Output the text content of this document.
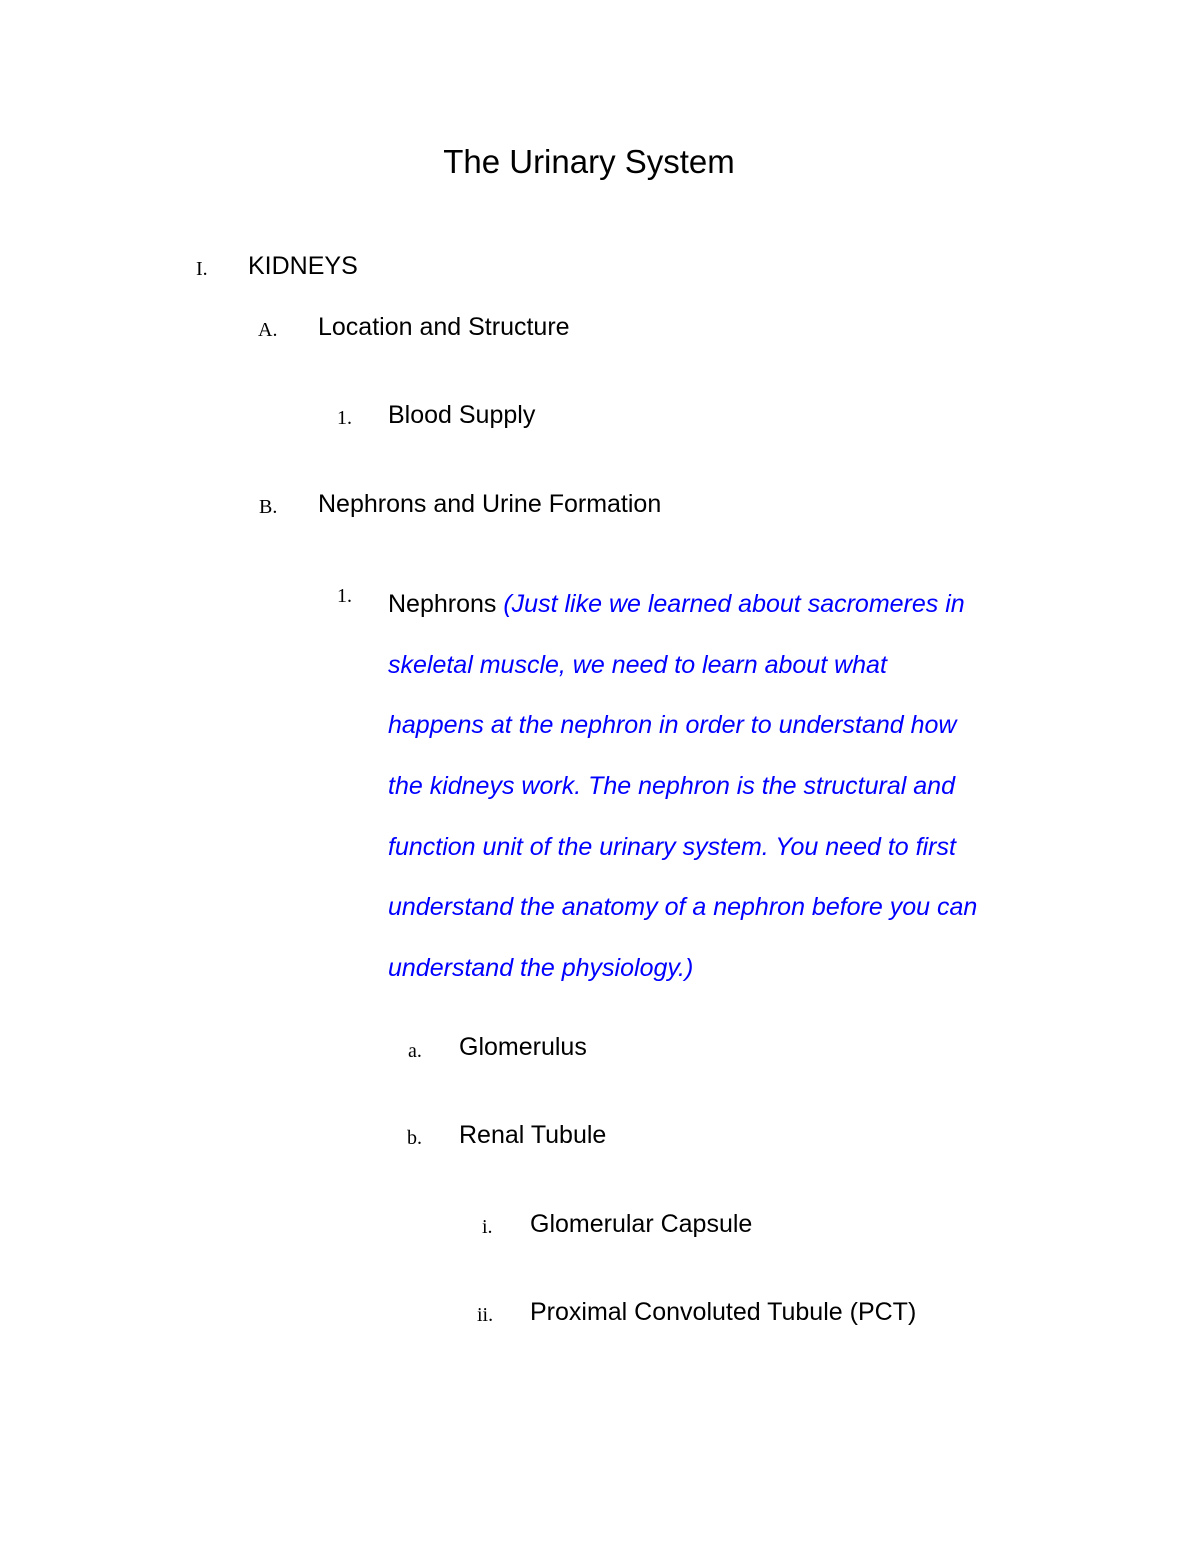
The Urinary System
I. KIDNEYS
A. Location and Structure
1. Blood Supply
B. Nephrons and Urine Formation
1. Nephrons (Just like we learned about sacromeres in
skeletal muscle, we need to learn about what
happens at the nephron in order to understand how
the kidneys work. The nephron is the structural and
function unit of the urinary system. You need to first
understand the anatomy of a nephron before you can
understand the physiology.)
a. Glomerulus
b. Renal Tubule
i. Glomerular Capsule
ii. Proximal Convoluted Tubule (PCT)
